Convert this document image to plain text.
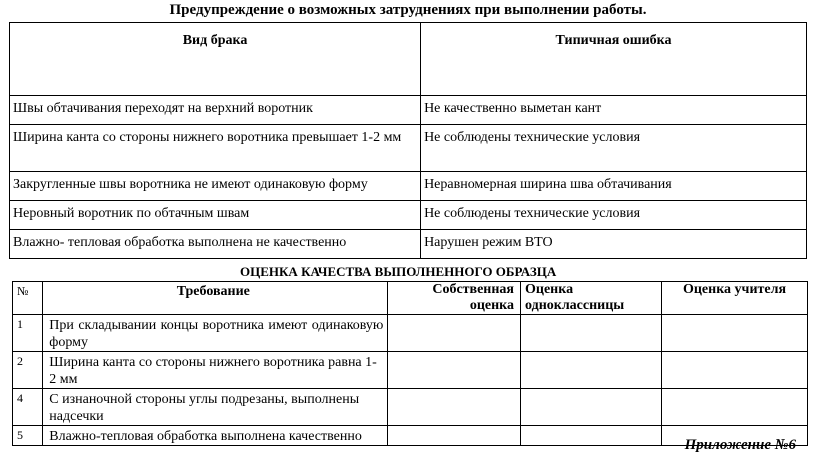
Предупреждение о возможных затруднениях при выполнении работы.
Вид брака	Типичная ошибка
Швы обтачивания переходят на верхний воротник	Не качественно выметан кант
Ширина канта со стороны нижнего воротника превышает 1-2 мм	Не соблюдены технические условия
Закругленные швы воротника не имеют одинаковую форму	Неравномерная ширина шва обтачивания
Неровный воротник по обтачным швам	Не соблюдены технические условия
Влажно- тепловая обработка выполнена не качественно	Нарушен режим ВТО
ОЦЕНКА КАЧЕСТВА ВЫПОЛНЕННОГО ОБРАЗЦА
№	Требование	Собственная оценка	Оценка одноклассницы	Оценка учителя
1	При складывании концы воротника имеют одинаковую форму			
2	Ширина канта со стороны нижнего воротника равна 1-2 мм			
4	С изнаночной стороны углы подрезаны, выполнены надсечки			
5	Влажно-тепловая обработка выполнена качественно			
Приложение №6
